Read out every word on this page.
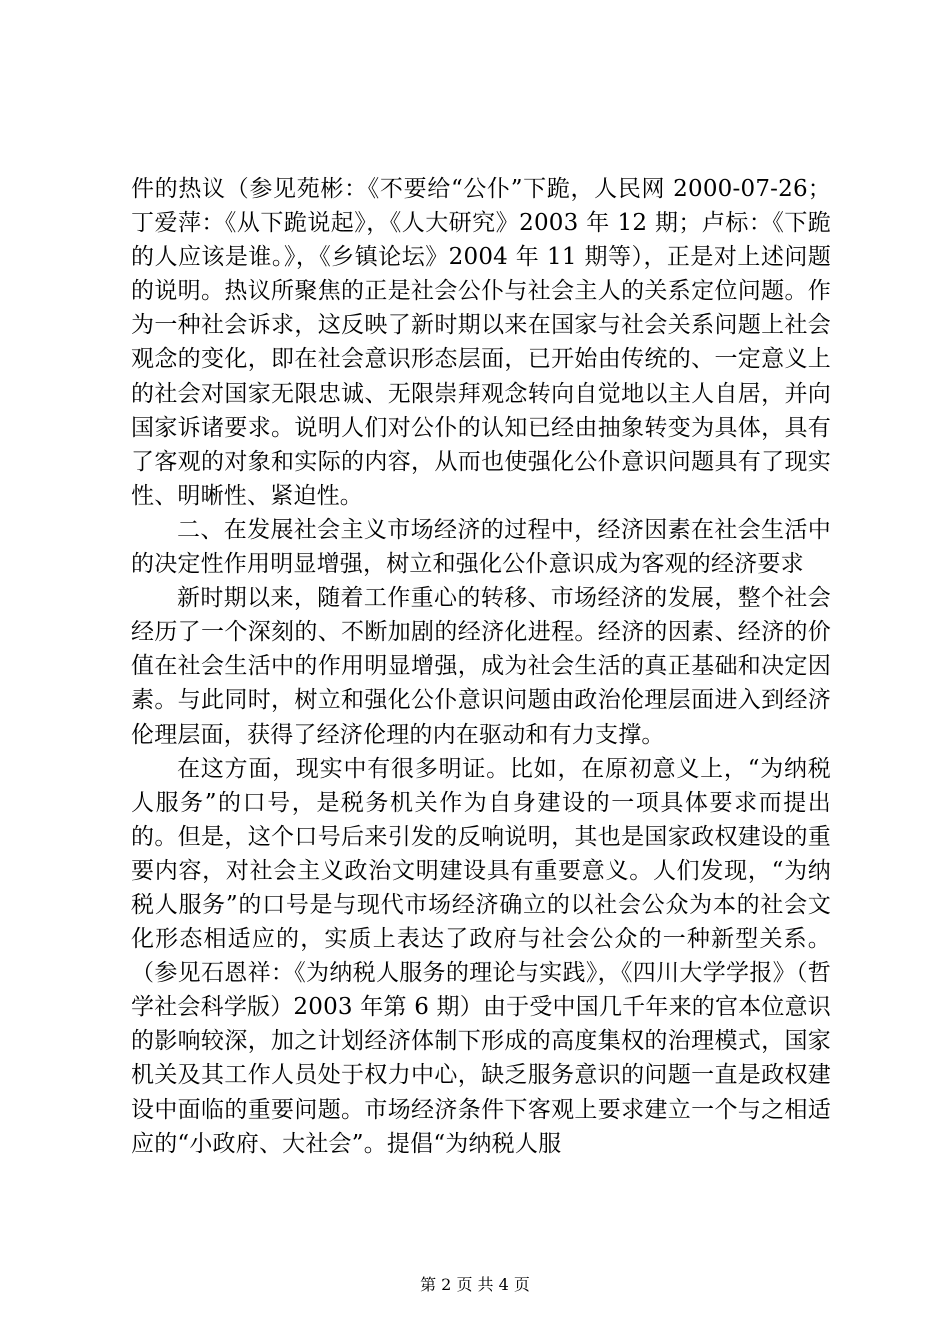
件的热议（参见苑彬：《不要给“公仆”下跪，人民网 2000-07-26；丁爱萍：《从下跪说起》，《人大研究》2003 年 12 期；卢标：《下跪的人应该是谁。》，《乡镇论坛》2004 年 11 期等），正是对上述问题的说明。热议所聚焦的正是社会公仆与社会主人的关系定位问题。作为一种社会诉求，这反映了新时期以来在国家与社会关系问题上社会观念的变化，即在社会意识形态层面，已开始由传统的、一定意义上的社会对国家无限忠诚、无限崇拜观念转向自觉地以主人自居，并向国家诉诸要求。说明人们对公仆的认知已经由抽象转变为具体，具有了客观的对象和实际的内容，从而也使强化公仆意识问题具有了现实性、明晰性、紧迫性。

二、在发展社会主义市场经济的过程中，经济因素在社会生活中的决定性作用明显增强，树立和强化公仆意识成为客观的经济要求

新时期以来，随着工作重心的转移、市场经济的发展，整个社会经历了一个深刻的、不断加剧的经济化进程。经济的因素、经济的价值在社会生活中的作用明显增强，成为社会生活的真正基础和决定因素。与此同时，树立和强化公仆意识问题由政治伦理层面进入到经济伦理层面，获得了经济伦理的内在驱动和有力支撑。

在这方面，现实中有很多明证。比如，在原初意义上，“为纳税人服务”的口号，是税务机关作为自身建设的一项具体要求而提出的。但是，这个口号后来引发的反响说明，其也是国家政权建设的重要内容，对社会主义政治文明建设具有重要意义。人们发现，“为纳税人服务”的口号是与现代市场经济确立的以社会公众为本的社会文化形态相适应的，实质上表达了政府与社会公众的一种新型关系。（参见石恩祥：《为纳税人服务的理论与实践》，《四川大学学报》（哲学社会科学版）2003 年第 6 期）由于受中国几千年来的官本位意识的影响较深，加之计划经济体制下形成的高度集权的治理模式，国家机关及其工作人员处于权力中心，缺乏服务意识的问题一直是政权建设中面临的重要问题。市场经济条件下客观上要求建立一个与之相适应的“小政府、大社会”。提倡“为纳税人服

第 2 页 共 4 页
